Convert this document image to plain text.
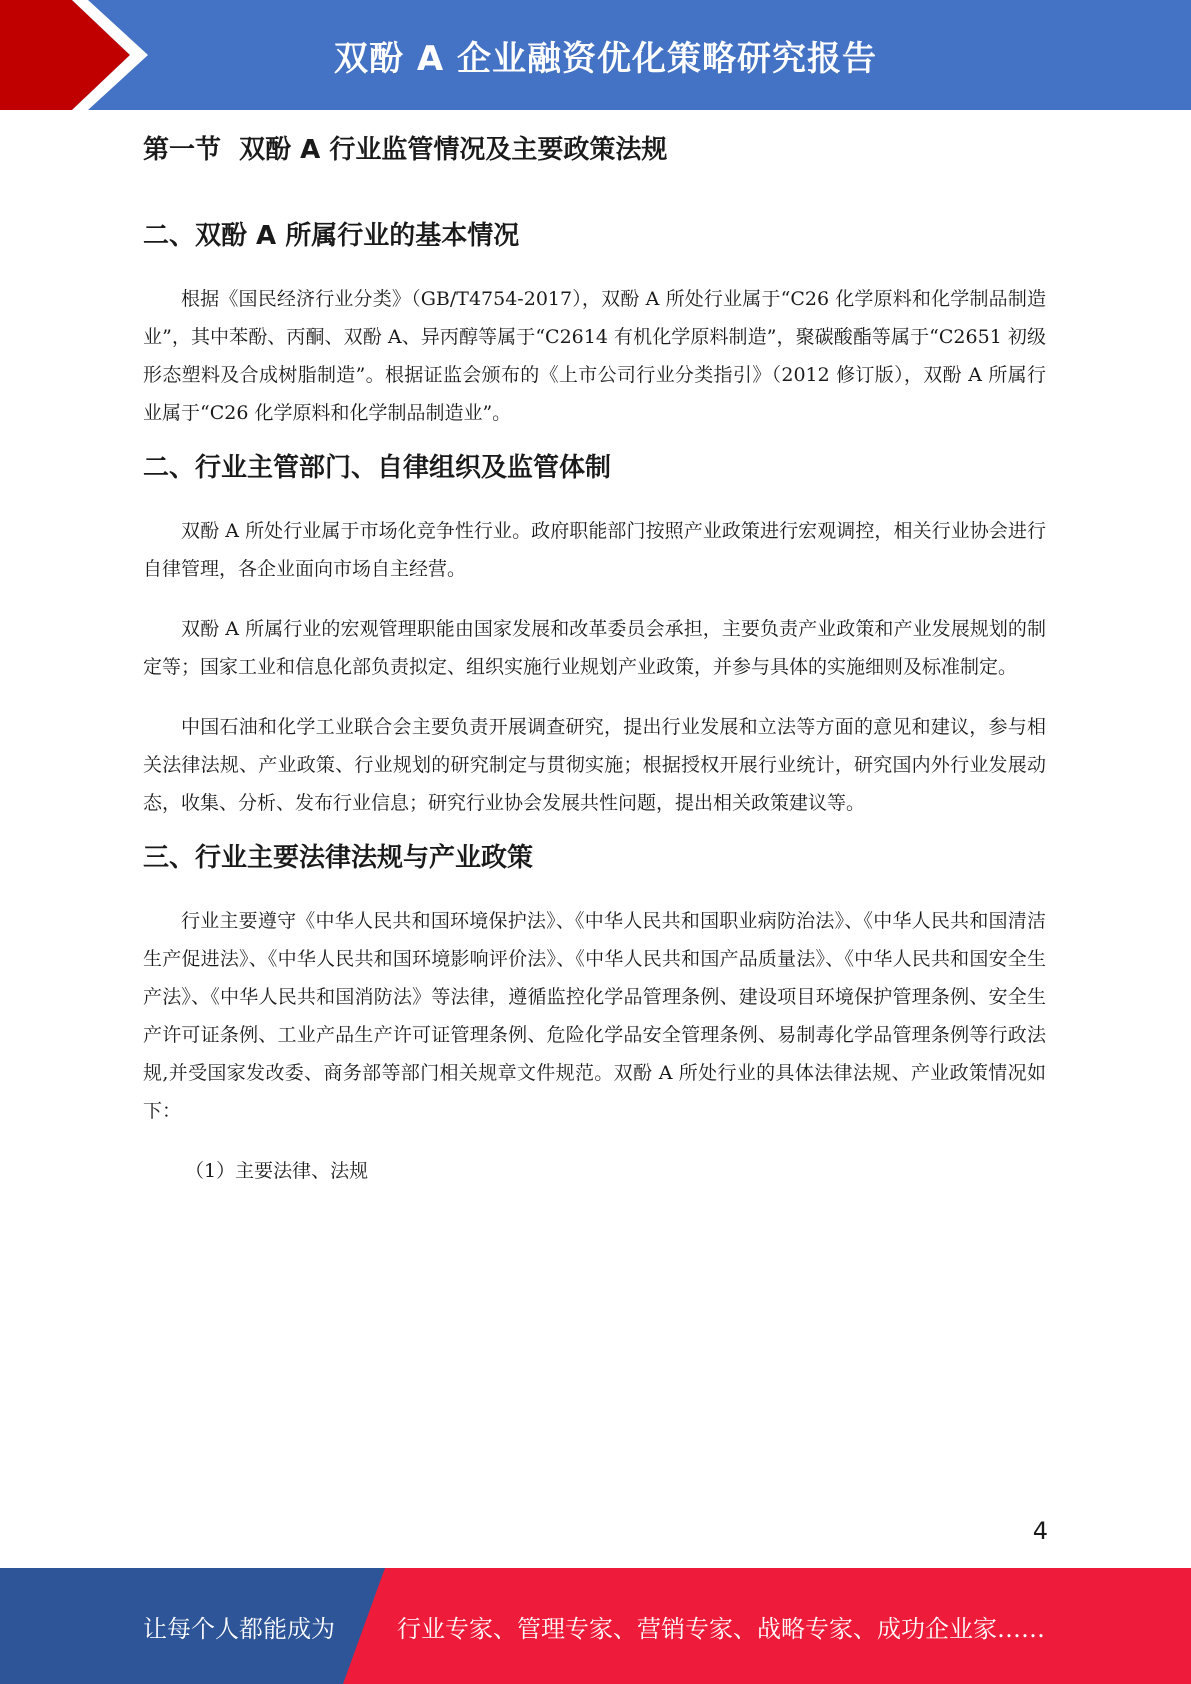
双酚 A 企业融资优化策略研究报告
第一节  双酚 A 行业监管情况及主要政策法规
二、双酚 A 所属行业的基本情况

根据《国民经济行业分类》（GB/T4754-2017），双酚 A 所处行业属于“C26 化学原料和化学制品制造业”，其中苯酚、丙酮、双酚 A、异丙醇等属于“C2614 有机化学原料制造”，聚碳酸酯等属于“C2651 初级形态塑料及合成树脂制造”。根据证监会颁布的《上市公司行业分类指引》（2012 修订版），双酚 A 所属行业属于“C26 化学原料和化学制品制造业”。

二、行业主管部门、自律组织及监管体制

双酚 A 所处行业属于市场化竞争性行业。政府职能部门按照产业政策进行宏观调控，相关行业协会进行自律管理，各企业面向市场自主经营。

双酚 A 所属行业的宏观管理职能由国家发展和改革委员会承担，主要负责产业政策和产业发展规划的制定等；国家工业和信息化部负责拟定、组织实施行业规划产业政策，并参与具体的实施细则及标准制定。

中国石油和化学工业联合会主要负责开展调查研究，提出行业发展和立法等方面的意见和建议，参与相关法律法规、产业政策、行业规划的研究制定与贯彻实施；根据授权开展行业统计，研究国内外行业发展动态，收集、分析、发布行业信息；研究行业协会发展共性问题，提出相关政策建议等。

三、行业主要法律法规与产业政策

行业主要遵守《中华人民共和国环境保护法》、《中华人民共和国职业病防治法》、《中华人民共和国清洁生产促进法》、《中华人民共和国环境影响评价法》、《中华人民共和国产品质量法》、《中华人民共和国安全生产法》、《中华人民共和国消防法》等法律，遵循监控化学品管理条例、建设项目环境保护管理条例、安全生产许可证条例、工业产品生产许可证管理条例、危险化学品安全管理条例、易制毒化学品管理条例等行政法规,并受国家发改委、商务部等部门相关规章文件规范。双酚 A 所处行业的具体法律法规、产业政策情况如下：

（1）主要法律、法规

4
让每个人都能成为	行业专家、管理专家、营销专家、战略专家、成功企业家……
